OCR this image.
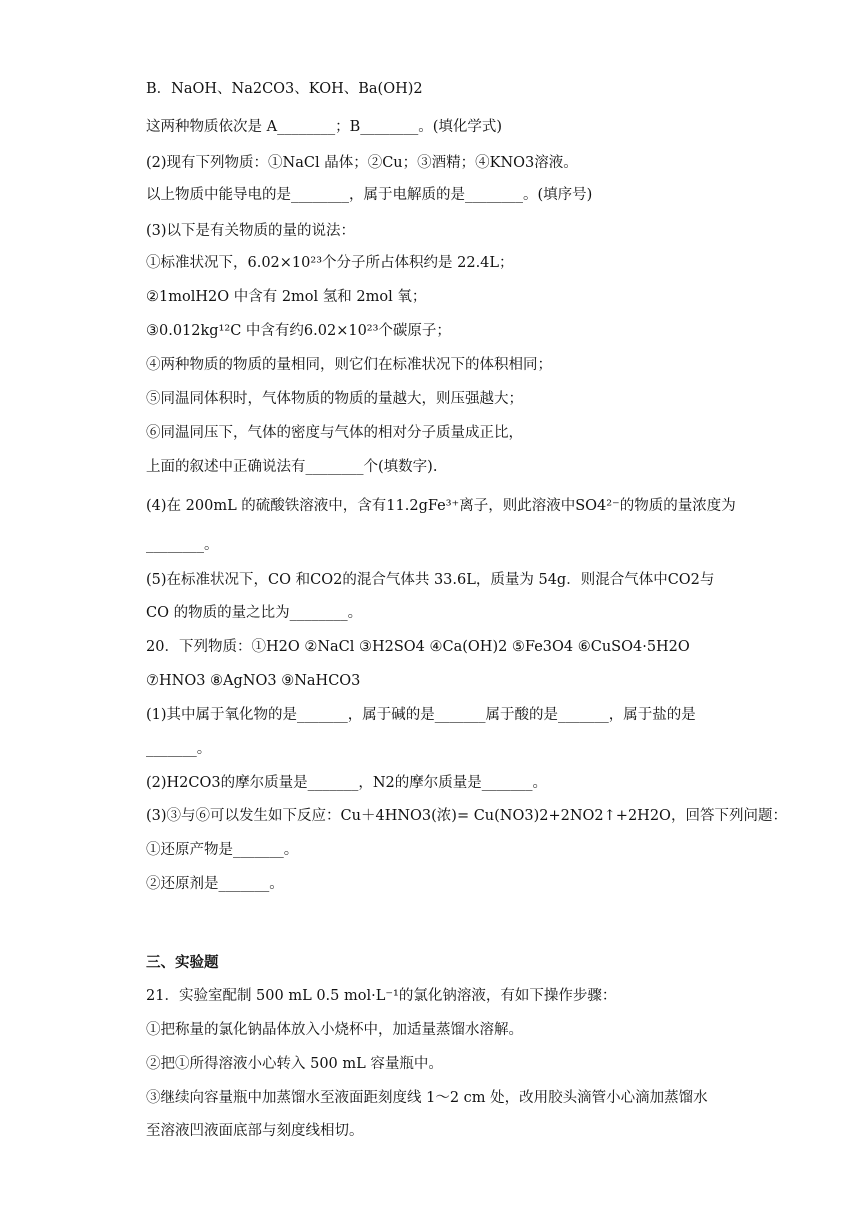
B．NaOH、Na2CO3、KOH、Ba(OH)2
这两种物质依次是 A________；B________。(填化学式)
(2)现有下列物质：①NaCl 晶体；②Cu；③酒精；④KNO3溶液。
以上物质中能导电的是________，属于电解质的是________。(填序号)
(3)以下是有关物质的量的说法：
①标准状况下，6.02×10²³个分子所占体积约是 22.4L；
②1molH2O 中含有 2mol 氢和 2mol 氧；
③0.012kg¹²C 中含有约6.02×10²³个碳原子；
④两种物质的物质的量相同，则它们在标准状况下的体积相同；
⑤同温同体积时，气体物质的物质的量越大，则压强越大；
⑥同温同压下，气体的密度与气体的相对分子质量成正比，
上面的叙述中正确说法有________个(填数字).
(4)在 200mL 的硫酸铁溶液中，含有11.2gFe³⁺离子，则此溶液中SO4²⁻的物质的量浓度为
________。
(5)在标准状况下，CO 和CO2的混合气体共 33.6L，质量为 54g．则混合气体中CO2与
CO 的物质的量之比为________。
20．下列物质：①H2O ②NaCl ③H2SO4 ④Ca(OH)2 ⑤Fe3O4 ⑥CuSO4·5H2O
⑦HNO3 ⑧AgNO3 ⑨NaHCO3
(1)其中属于氧化物的是_______，属于碱的是_______属于酸的是_______，属于盐的是
_______。
(2)H2CO3的摩尔质量是_______，N2的摩尔质量是_______。
(3)③与⑥可以发生如下反应：Cu＋4HNO3(浓)= Cu(NO3)2+2NO2↑+2H2O，回答下列问题：
①还原产物是_______。
②还原剂是_______。
三、实验题
21．实验室配制 500 mL 0.5 mol·L⁻¹的氯化钠溶液，有如下操作步骤：
①把称量的氯化钠晶体放入小烧杯中，加适量蒸馏水溶解。
②把①所得溶液小心转入 500 mL 容量瓶中。
③继续向容量瓶中加蒸馏水至液面距刻度线 1～2 cm 处，改用胶头滴管小心滴加蒸馏水
至溶液凹液面底部与刻度线相切。
